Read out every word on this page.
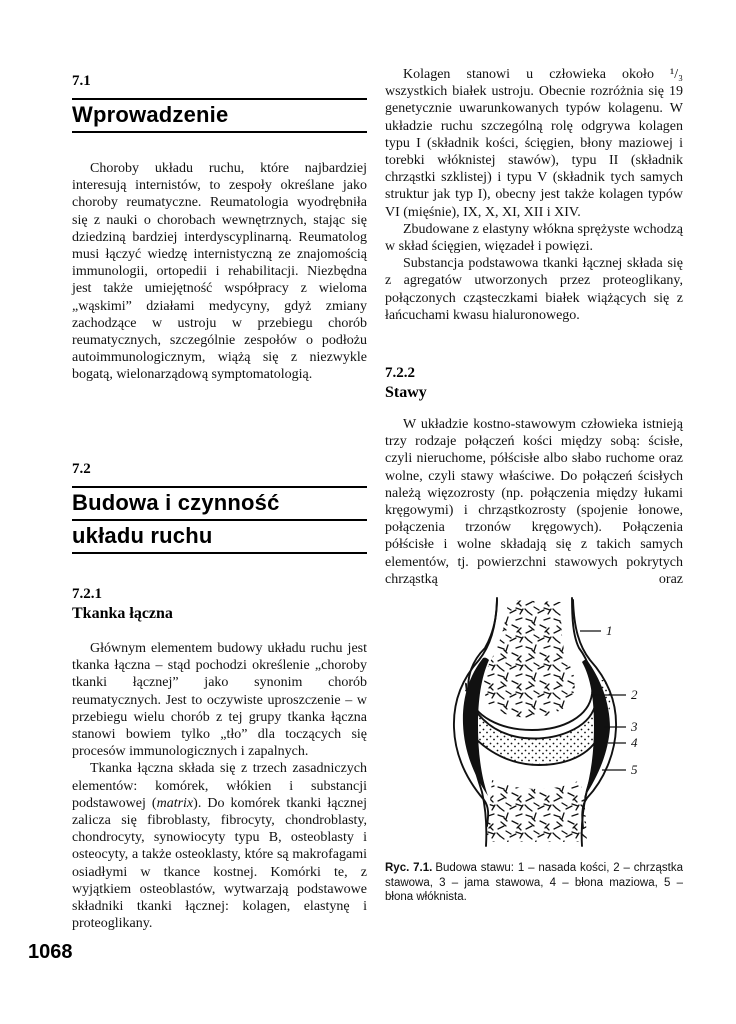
7.1
Wprowadzenie

Choroby układu ruchu, które najbardziej interesują internistów, to zespoły określane jako choroby reumatyczne. Reumatologia wyodrębniła się z nauki o chorobach wewnętrznych, stając się dziedziną bardziej interdyscyplinarną. Reumatolog musi łączyć wiedzę internistyczną ze znajomością immunologii, ortopedii i rehabilitacji. Niezbędna jest także umiejętność współpracy z wieloma „wąskimi” działami medycyny, gdyż zmiany zachodzące w ustroju w przebiegu chorób reumatycznych, szczególnie zespołów o podłożu autoimmunologicznym, wiążą się z niezwykle bogatą, wielonarządową symptomatologią.

7.2
Budowa i czynność
układu ruchu
7.2.1
Tkanka łączna

Głównym elementem budowy układu ruchu jest tkanka łączna – stąd pochodzi określenie „choroby tkanki łącznej” jako synonim chorób reumatycznych. Jest to oczywiste uproszczenie – w przebiegu wielu chorób z tej grupy tkanka łączna stanowi bowiem tylko „tło” dla toczących się procesów immunologicznych i zapalnych.

Tkanka łączna składa się z trzech zasadniczych elementów: komórek, włókien i substancji podstawowej (matrix). Do komórek tkanki łącznej zalicza się fibroblasty, fibrocyty, chondroblasty, chondrocyty, synowiocyty typu B, osteoblasty i osteocyty, a także osteoklasty, które są makrofagami osiadłymi w tkance kostnej. Komórki te, z wyjątkiem osteoblastów, wytwarzają podstawowe składniki tkanki łącznej: kolagen, elastynę i proteoglikany.

Kolagen stanowi u człowieka około ¹/₃ wszystkich białek ustroju. Obecnie rozróżnia się 19 genetycznie uwarunkowanych typów kolagenu. W układzie ruchu szczególną rolę odgrywa kolagen typu I (składnik kości, ścięgien, błony maziowej i torebki włóknistej stawów), typu II (składnik chrząstki szklistej) i typu V (składnik tych samych struktur jak typ I), obecny jest także kolagen typów VI (mięśnie), IX, X, XI, XII i XIV.

Zbudowane z elastyny włókna sprężyste wchodzą w skład ścięgien, więzadeł i powięzi.

Substancja podstawowa tkanki łącznej składa się z agregatów utworzonych przez proteoglikany, połączonych cząsteczkami białek wiążących się z łańcuchami kwasu hialuronowego.

7.2.2
Stawy

W układzie kostno-stawowym człowieka istnieją trzy rodzaje połączeń kości między sobą: ścisłe, czyli nieruchome, półścisłe albo słabo ruchome oraz wolne, czyli stawy właściwe. Do połączeń ścisłych należą więzozrosty (np. połączenia między łukami kręgowymi) i chrząstkozrosty (spojenie łonowe, połączenia trzonów kręgowych). Połączenia półścisłe i wolne składają się z takich samych elementów, tj. powierzchni stawowych pokrytych chrząstką oraz

1
2
3
4
5

Ryc. 7.1. Budowa stawu: 1 – nasada kości, 2 – chrząstka stawowa, 3 – jama stawowa, 4 – błona maziowa, 5 – błona włóknista.

1068
